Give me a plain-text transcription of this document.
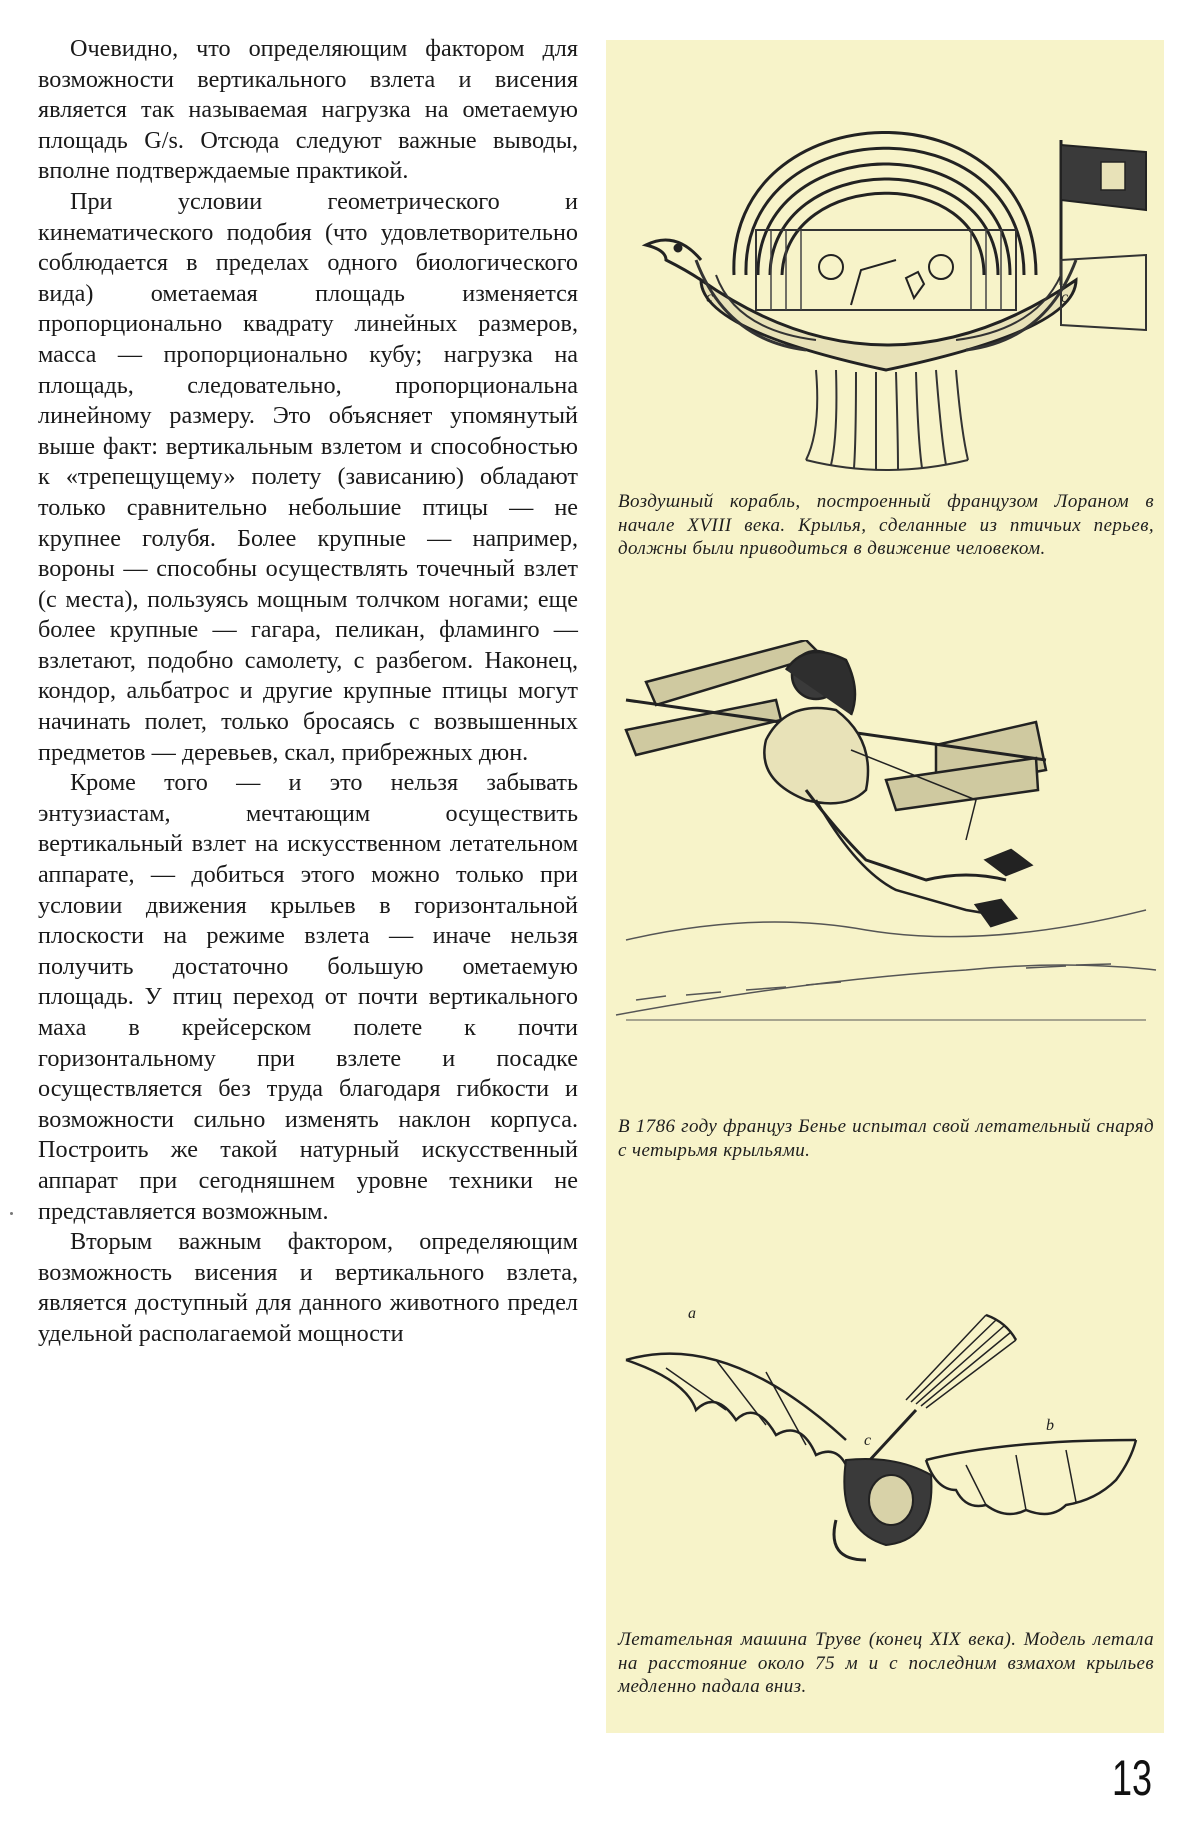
Очевидно, что определяющим фактором для возможности вертикального взлета и висения является так называемая нагрузка на ометаемую площадь G/s. Отсюда следуют важные выводы, вполне подтверждаемые практикой.

При условии геометрического и кинематического подобия (что удовлетворительно соблюдается в пределах одного биологического вида) ометаемая площадь изменяется пропорционально квадрату линейных размеров, масса — пропорционально кубу; нагрузка на площадь, следовательно, пропорциональна линейному размеру. Это объясняет упомянутый выше факт: вертикальным взлетом и способностью к «трепещущему» полету (зависанию) обладают только сравнительно небольшие птицы — не крупнее голубя. Более крупные — например, вороны — способны осуществлять точечный взлет (с места), пользуясь мощным толчком ногами; еще более крупные — гагара, пеликан, фламинго — взлетают, подобно самолету, с разбегом. Наконец, кондор, альбатрос и другие крупные птицы могут начинать полет, только бросаясь с возвышенных предметов — деревьев, скал, прибрежных дюн.

Кроме того — и это нельзя забывать энтузиастам, мечтающим осуществить вертикальный взлет на искусственном летательном аппарате, — добиться этого можно только при условии движения крыльев в горизонтальной плоскости на режиме взлета — иначе нельзя получить достаточно большую ометаемую площадь. У птиц переход от почти вертикального маха в крейсерском полете к почти горизонтальному при взлете и посадке осуществляется без труда благодаря гибкости и возможности сильно изменять наклон корпуса. Построить же такой натурный искусственный аппарат при сегодняшнем уровне техники не представляется возможным.

Вторым важным фактором, определяющим возможность висения и вертикального взлета, является доступный для данного животного предел удельной располагаемой мощности

c	c
Воздушный корабль, построенный французом Лораном в начале XVIII века. Крылья, сделанные из птичьих перьев, должны были приводиться в движение человеком.
В 1786 году француз Бенье испытал свой летательный снаряд с четырьмя крыльями.
a
b
c
Летательная машина Труве (конец XIX века). Модель летала на расстояние около 75 м и с последним взмахом крыльев медленно падала вниз.
13
